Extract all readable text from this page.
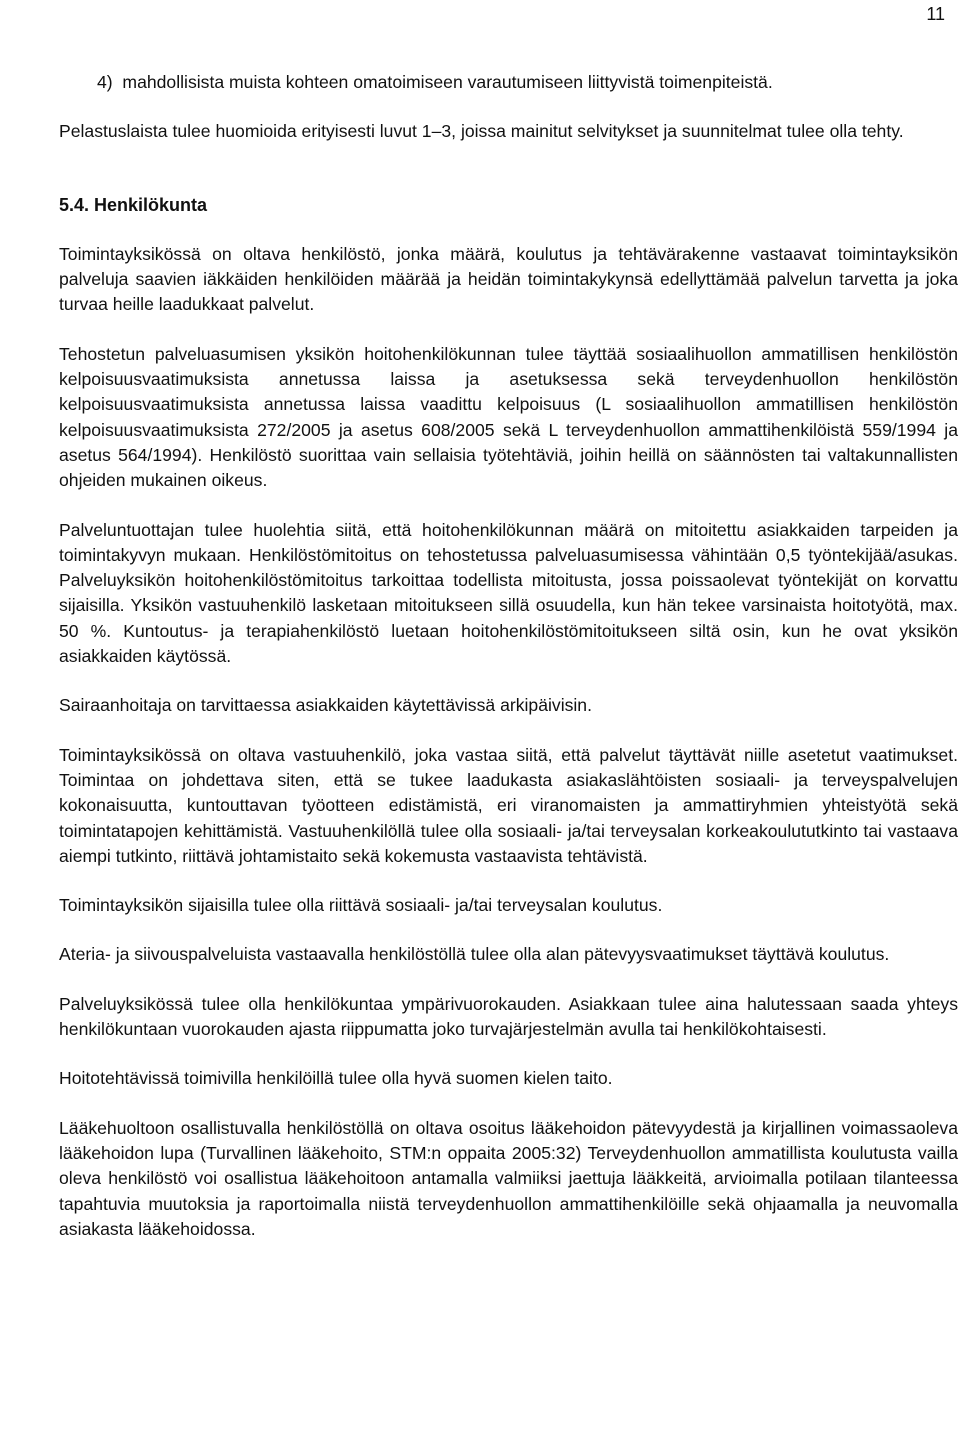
11

4)  mahdollisista muista kohteen omatoimiseen varautumiseen liittyvistä toimenpiteistä.

Pelastuslaista tulee huomioida erityisesti luvut 1–3, joissa mainitut selvitykset ja suunnitelmat tulee olla tehty.

5.4. Henkilökunta

Toimintayksikössä on oltava henkilöstö, jonka määrä, koulutus ja tehtävärakenne vastaavat toimintayksikön palveluja saavien iäkkäiden henkilöiden määrää ja heidän toimintakykynsä edellyttämää palvelun tarvetta ja joka turvaa heille laadukkaat palvelut.

Tehostetun palveluasumisen yksikön hoitohenkilökunnan tulee täyttää sosiaalihuollon ammatillisen henkilöstön kelpoisuusvaatimuksista annetussa laissa ja asetuksessa sekä terveydenhuollon henkilöstön kelpoisuusvaatimuksista annetussa laissa vaadittu kelpoisuus (L sosiaalihuollon ammatillisen henkilöstön kelpoisuusvaatimuksista 272/2005 ja asetus 608/2005 sekä L terveydenhuollon ammattihenkilöistä 559/1994 ja asetus 564/1994). Henkilöstö suorittaa vain sellaisia työtehtäviä, joihin heillä on säännösten tai valtakunnallisten ohjeiden mukainen oikeus.

Palveluntuottajan tulee huolehtia siitä, että hoitohenkilökunnan määrä on mitoitettu asiakkaiden tarpeiden ja toimintakyvyn mukaan. Henkilöstömitoitus on tehostetussa palveluasumisessa vähintään 0,5 työntekijää/asukas. Palveluyksikön hoitohenkilöstömitoitus tarkoittaa todellista mitoitusta, jossa poissaolevat työntekijät on korvattu sijaisilla. Yksikön vastuuhenkilö lasketaan mitoitukseen sillä osuudella, kun hän tekee varsinaista hoitotyötä, max. 50 %. Kuntoutus- ja terapiahenkilöstö luetaan hoitohenkilöstömitoitukseen siltä osin, kun he ovat yksikön asiakkaiden käytössä.

Sairaanhoitaja on tarvittaessa asiakkaiden käytettävissä arkipäivisin.

Toimintayksikössä on oltava vastuuhenkilö, joka vastaa siitä, että palvelut täyttävät niille asetetut vaatimukset. Toimintaa on johdettava siten, että se tukee laadukasta asiakaslähtöisten sosiaali- ja terveyspalvelujen kokonaisuutta, kuntouttavan työotteen edistämistä, eri viranomaisten ja ammattiryhmien yhteistyötä sekä toimintatapojen kehittämistä. Vastuuhenkilöllä tulee olla sosiaali- ja/tai terveysalan korkeakoulututkinto tai vastaava aiempi tutkinto, riittävä johtamistaito sekä kokemusta vastaavista tehtävistä.

Toimintayksikön sijaisilla tulee olla riittävä sosiaali- ja/tai terveysalan koulutus.

Ateria- ja siivouspalveluista vastaavalla henkilöstöllä tulee olla alan pätevyysvaatimukset täyttävä koulutus.

Palveluyksikössä tulee olla henkilökuntaa ympärivuorokauden. Asiakkaan tulee aina halutessaan saada yhteys henkilökuntaan vuorokauden ajasta riippumatta joko turvajärjestelmän avulla tai henkilökohtaisesti.

Hoitotehtävissä toimivilla henkilöillä tulee olla hyvä suomen kielen taito.

Lääkehuoltoon osallistuvalla henkilöstöllä on oltava osoitus lääkehoidon pätevyydestä ja kirjallinen voimassaoleva lääkehoidon lupa (Turvallinen lääkehoito, STM:n oppaita 2005:32) Terveydenhuollon ammatillista koulutusta vailla oleva henkilöstö voi osallistua lääkehoitoon antamalla valmiiksi jaettuja lääkkeitä, arvioimalla potilaan tilanteessa tapahtuvia muutoksia ja raportoimalla niistä terveydenhuollon ammattihenkilöille sekä ohjaamalla ja neuvomalla asiakasta lääkehoidossa.
